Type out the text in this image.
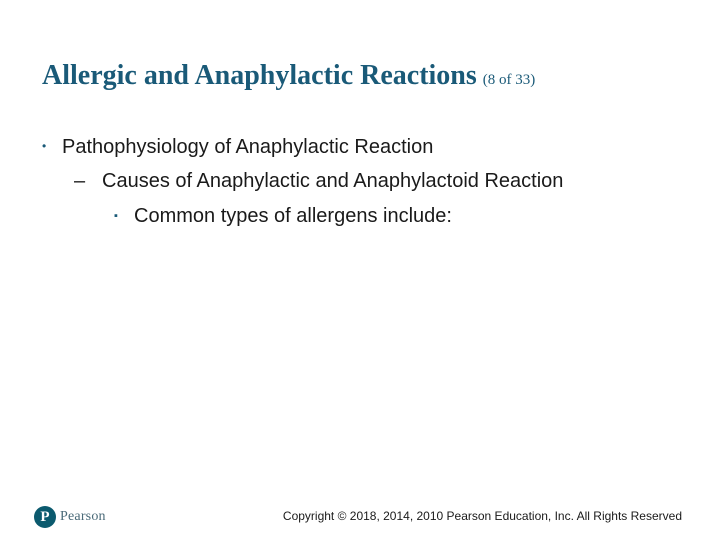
Allergic and Anaphylactic Reactions (8 of 33)
• Pathophysiology of Anaphylactic Reaction
– Causes of Anaphylactic and Anaphylactoid Reaction
▪ Common types of allergens include:
P Pearson	Copyright © 2018, 2014, 2010 Pearson Education, Inc. All Rights Reserved
